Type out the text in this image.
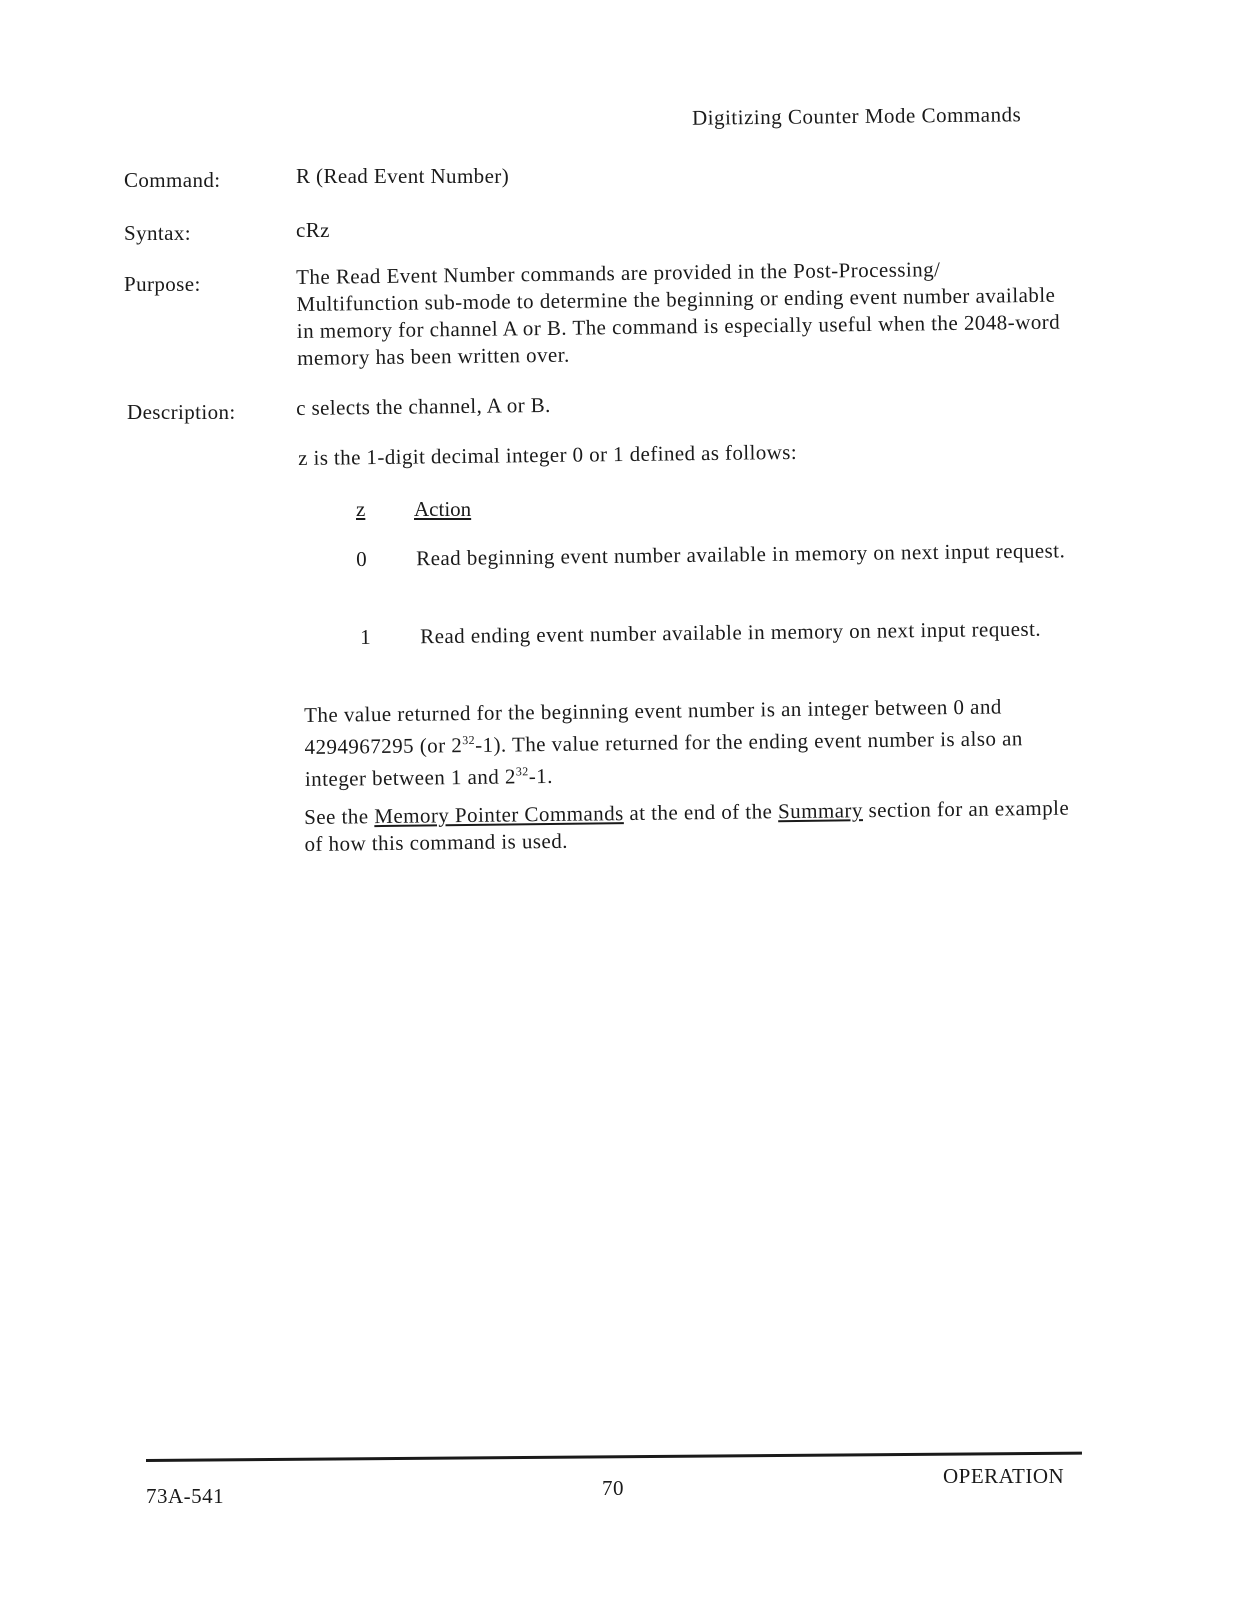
Digitizing Counter Mode Commands
Command:	R (Read Event Number)
Syntax:	cRz
Purpose:	The Read Event Number commands are provided in the Post-Processing/ Multifunction sub-mode to determine the beginning or ending event number available in memory for channel A or B. The command is especially useful when the 2048-word memory has been written over.
Description:	c selects the channel, A or B.
z is the 1-digit decimal integer 0 or 1 defined as follows:
z Action
0 Read beginning event number available in memory on next input request.
1 Read ending event number available in memory on next input request.
The value returned for the beginning event number is an integer between 0 and 4294967295 (or $2^{32}-1$). The value returned for the ending event number is also an integer between 1 and $2^{32}-1$.
See the Memory Pointer Commands at the end of the Summary section for an example of how this command is used.
73A-541	70	OPERATION
